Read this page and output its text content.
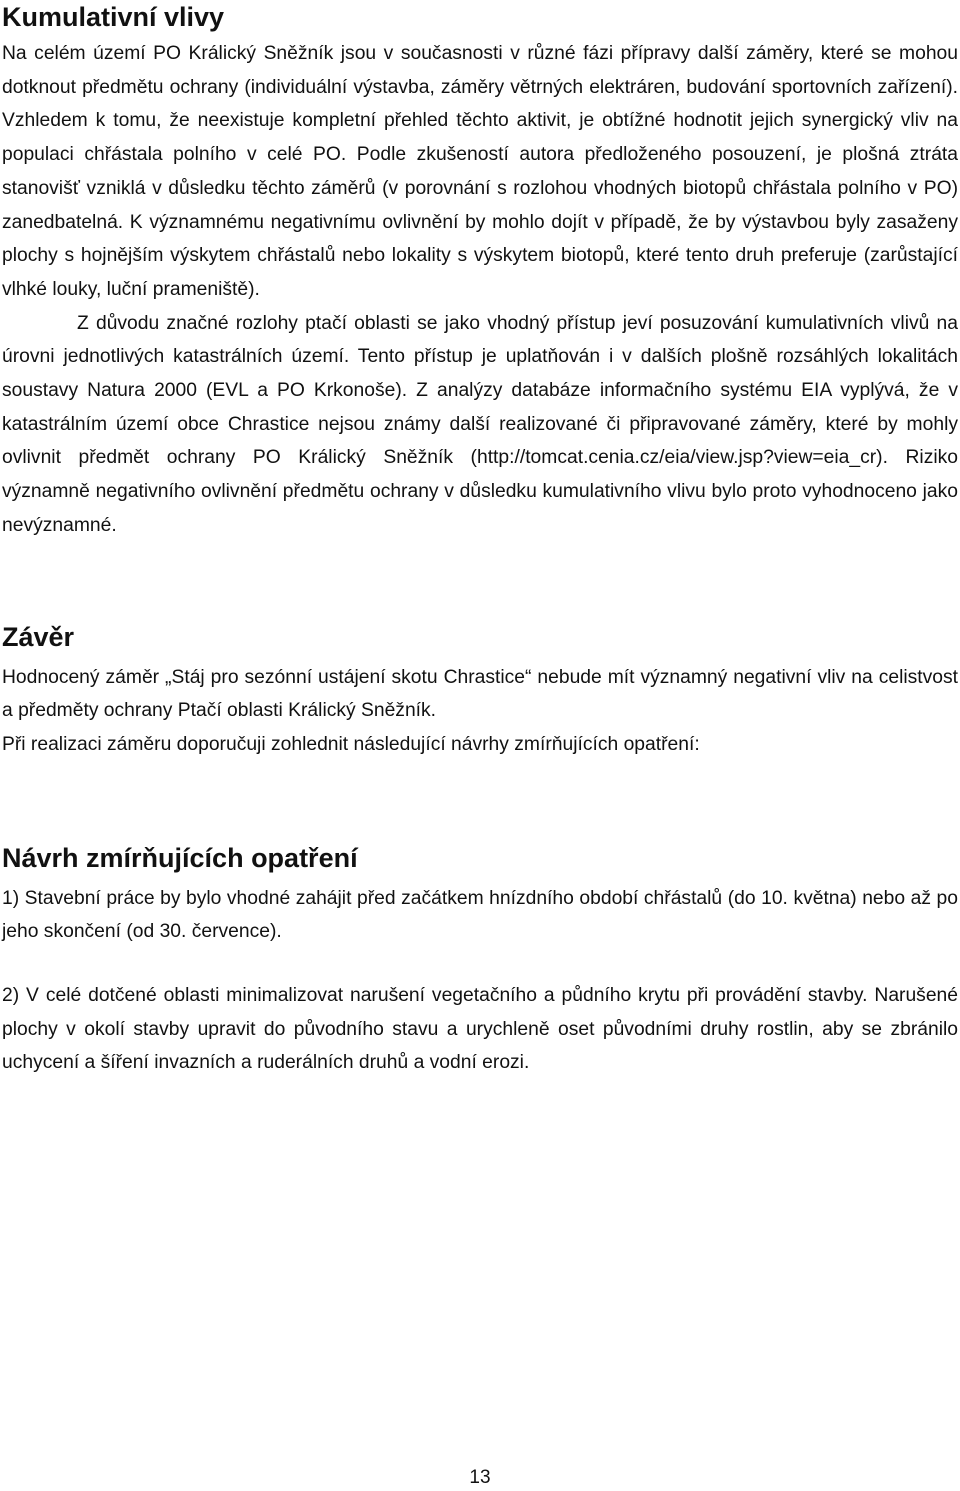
Kumulativní vlivy

Na celém území PO Králický Sněžník jsou v současnosti v různé fázi přípravy další záměry, které se mohou dotknout předmětu ochrany (individuální výstavba, záměry větrných elektráren, budování sportovních zařízení). Vzhledem k tomu, že neexistuje kompletní přehled těchto aktivit, je obtížné hodnotit jejich synergický vliv na populaci chřástala polního v celé PO. Podle zkušeností autora předloženého posouzení, je plošná ztráta stanovišť vzniklá v důsledku těchto záměrů (v porovnání s rozlohou vhodných biotopů chřástala polního v PO) zanedbatelná. K významnému negativnímu ovlivnění by mohlo dojít v případě, že by výstavbou byly zasaženy plochy s hojnějším výskytem chřástalů nebo lokality s výskytem biotopů, které tento druh preferuje (zarůstající vlhké louky, luční prameniště).

Z důvodu značné rozlohy ptačí oblasti se jako vhodný přístup jeví posuzování kumulativních vlivů na úrovni jednotlivých katastrálních území. Tento přístup je uplatňován i v dalších plošně rozsáhlých lokalitách soustavy Natura 2000 (EVL a PO Krkonoše). Z analýzy databáze informačního systému EIA vyplývá, že v katastrálním území obce Chrastice nejsou známy další realizované či připravované záměry, které by mohly ovlivnit předmět ochrany PO Králický Sněžník (http://tomcat.cenia.cz/eia/view.jsp?view=eia_cr). Riziko významně negativního ovlivnění předmětu ochrany v důsledku kumulativního vlivu bylo proto vyhodnoceno jako nevýznamné.

Závěr

Hodnocený záměr „Stáj pro sezónní ustájení skotu Chrastice“ nebude mít významný negativní vliv na celistvost a předměty ochrany Ptačí oblasti Králický Sněžník.

Při realizaci záměru doporučuji zohlednit následující návrhy zmírňujících opatření:

Návrh zmírňujících opatření

1) Stavební práce by bylo vhodné zahájit před začátkem hnízdního období chřástalů (do 10. května) nebo až po jeho skončení (od 30. července).

2) V celé dotčené oblasti minimalizovat narušení vegetačního a půdního krytu při provádění stavby. Narušené plochy v okolí stavby upravit do původního stavu a urychleně oset původními druhy rostlin, aby se zbránilo uchycení a šíření invazních a ruderálních druhů a vodní erozi.

13
